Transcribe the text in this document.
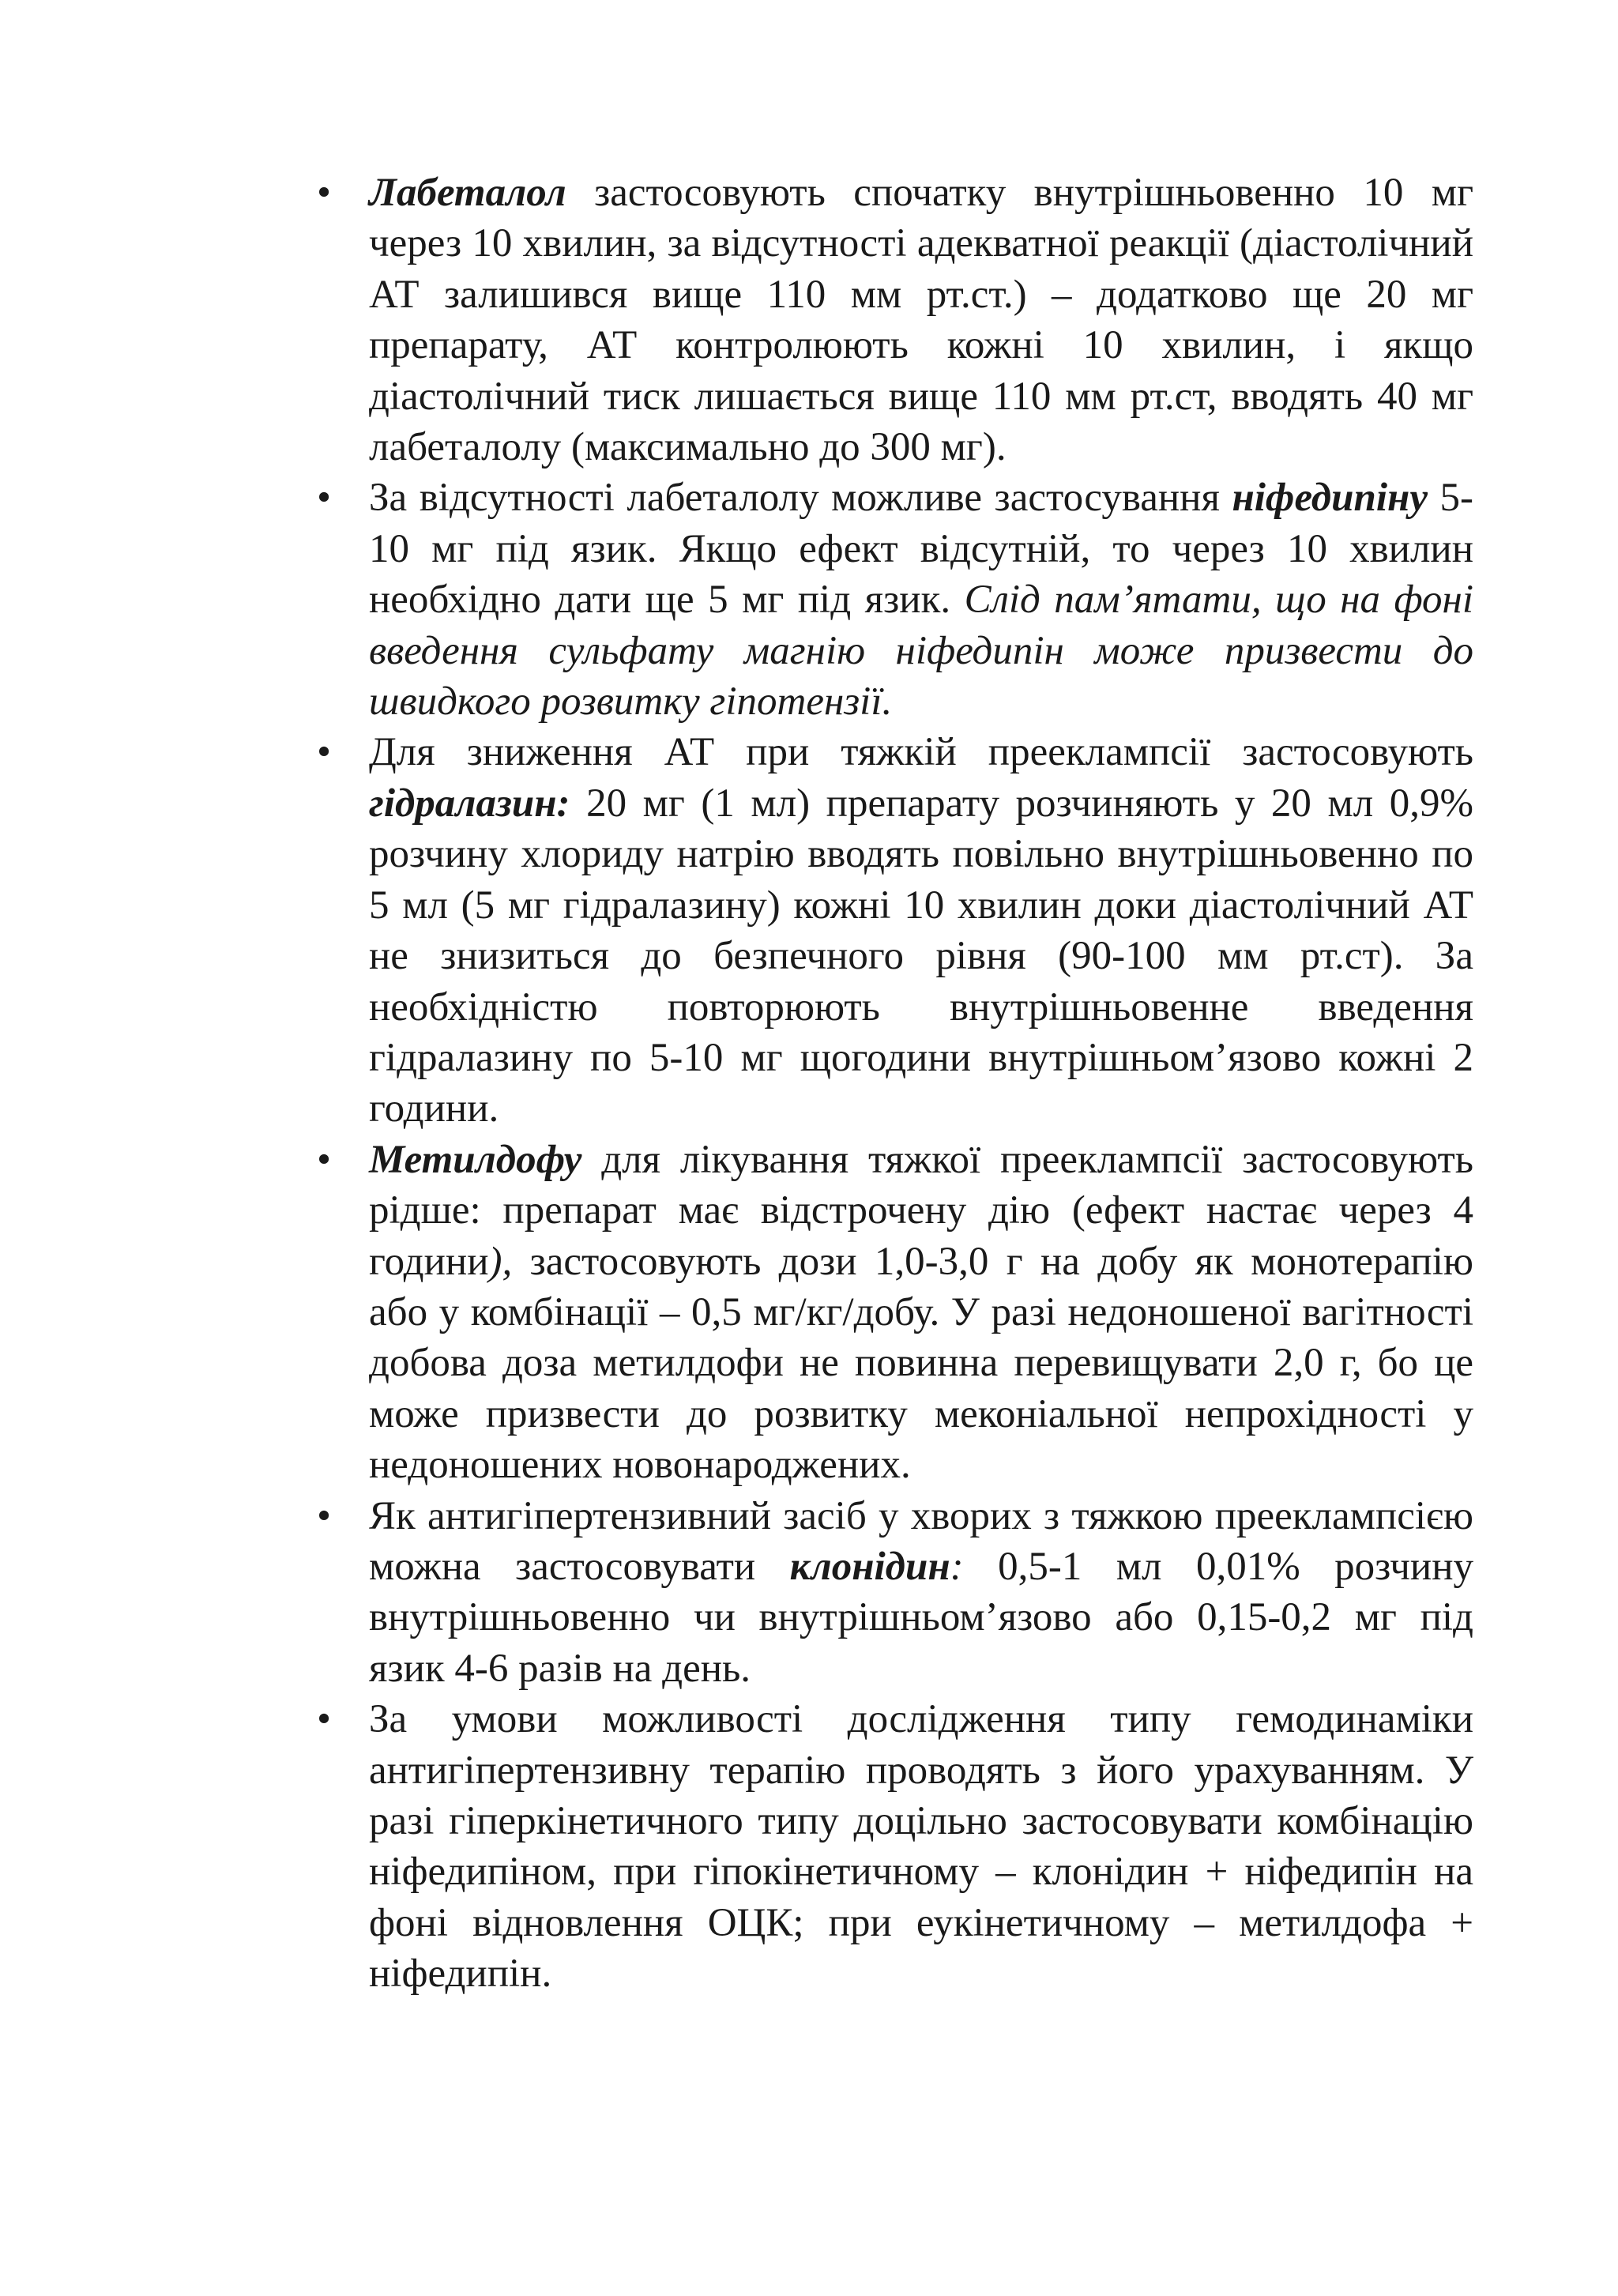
• Лабеталол застосовують спочатку внутрішньовенно 10 мг через 10 хвилин, за відсутності адекватної реакції (діастолічний АТ залишився вище 110 мм рт.ст.) – додатково ще 20 мг препарату, АТ контролюють кожні 10 хвилин, і якщо діастолічний тиск лишається вище 110 мм рт.ст, вводять 40 мг лабеталолу (максимально до 300 мг).
• За відсутності лабеталолу можливе застосування ніфедипіну 5-10 мг під язик. Якщо ефект відсутній, то через 10 хвилин необхідно дати ще 5 мг під язик. Слід пам’ятати, що на фоні введення сульфату магнію ніфедипін може призвести до швидкого розвитку гіпотензії.
• Для зниження АТ при тяжкій прееклампсії застосовують гідралазин: 20 мг (1 мл) препарату розчиняють у 20 мл 0,9% розчину хлориду натрію вводять повільно внутрішньовенно по 5 мл (5 мг гідралазину) кожні 10 хвилин доки діастолічний АТ не знизиться до безпечного рівня (90-100 мм рт.ст). За необхідністю повторюють внутрішньовенне введення гідралазину по 5-10 мг щогодини внутрішньом’язово кожні 2 години.
• Метилдофу для лікування тяжкої прееклампсії застосовують рідше: препарат має відстрочену дію (ефект настає через 4 години), застосовують дози 1,0-3,0 г на добу як монотерапію або у комбінації – 0,5 мг/кг/добу. У разі недоношеної вагітності добова доза метилдофи не повинна перевищувати 2,0 г, бо це може призвести до розвитку меконіальної непрохідності у недоношених новонароджених.
• Як антигіпертензивний засіб у хворих з тяжкою прееклампсією можна застосовувати клонідин: 0,5-1 мл 0,01% розчину внутрішньовенно чи внутрішньом’язово або 0,15-0,2 мг під язик 4-6 разів на день.
• За умови можливості дослідження типу гемодинаміки антигіпертензивну терапію проводять з його урахуванням. У разі гіперкінетичного типу доцільно застосовувати комбінацію ніфедипіном, при гіпокінетичному – клонідин + ніфедипін на фоні відновлення ОЦК; при еукінетичному – метилдофа + ніфедипін.
